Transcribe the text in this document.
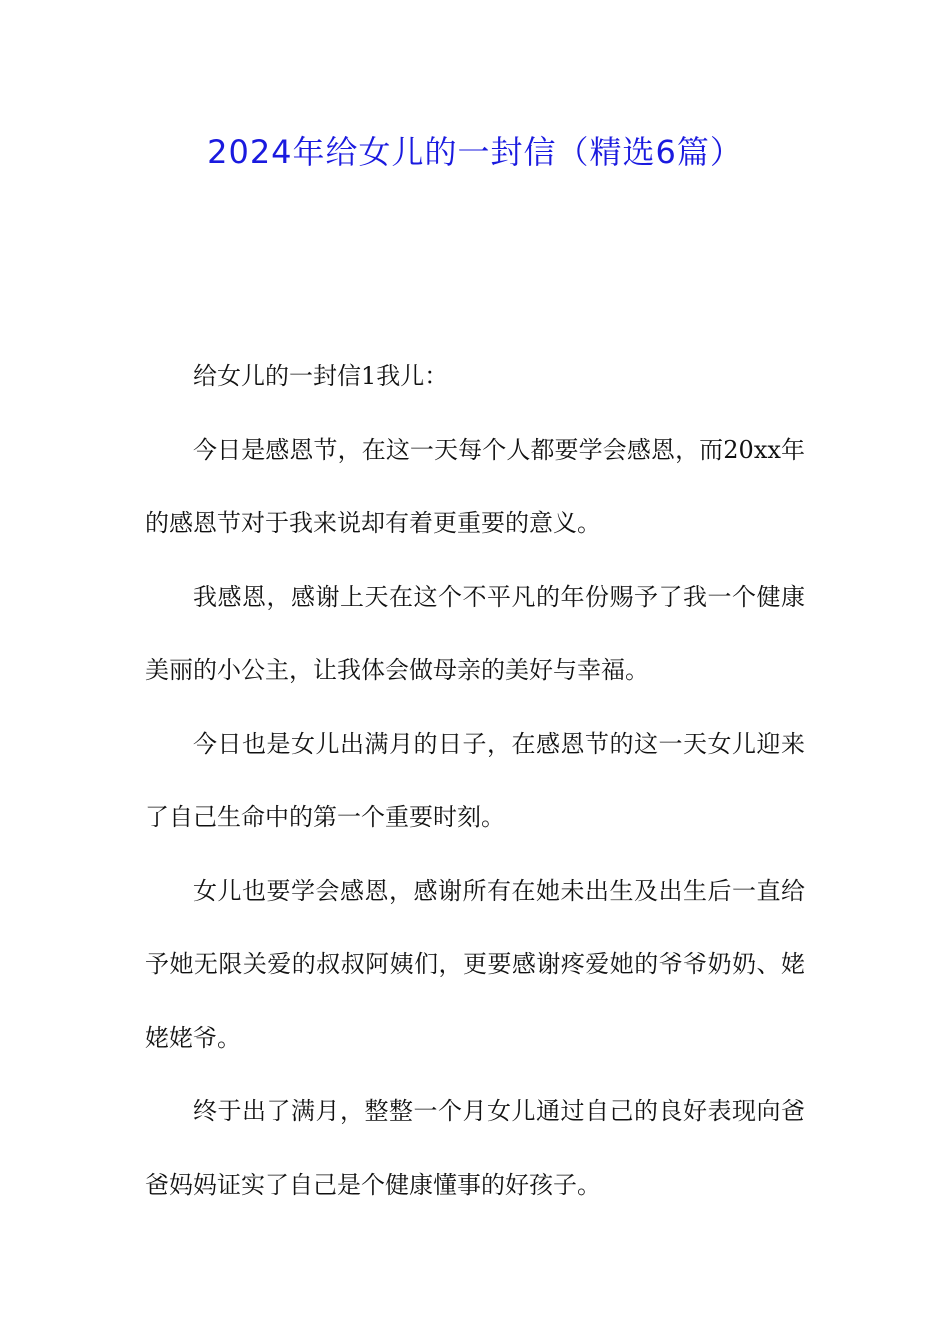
2024年给女儿的一封信（精选6篇）

给女儿的一封信1我儿：

今日是感恩节，在这一天每个人都要学会感恩，而20xx年的感恩节对于我来说却有着更重要的意义。

我感恩，感谢上天在这个不平凡的年份赐予了我一个健康美丽的小公主，让我体会做母亲的美好与幸福。

今日也是女儿出满月的日子，在感恩节的这一天女儿迎来了自己生命中的第一个重要时刻。

女儿也要学会感恩，感谢所有在她未出生及出生后一直给予她无限关爱的叔叔阿姨们，更要感谢疼爱她的爷爷奶奶、姥姥姥爷。

终于出了满月，整整一个月女儿通过自己的良好表现向爸爸妈妈证实了自己是个健康懂事的好孩子。
